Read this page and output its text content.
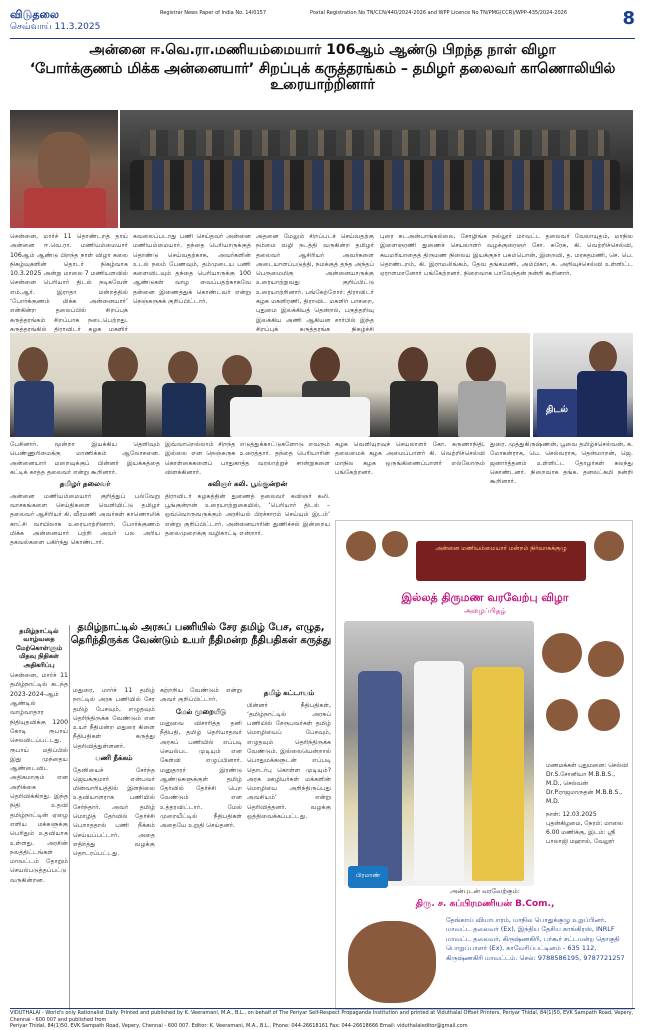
விடுதலை
செவ்வாய் 11.3.2025
Registrar News Paper of India No. 14/0157	Postal Registration No TN/CCN/440/2024-2026 and WPP Licence No TN/PMG(CCR)/WPP-435/2024-2026	8
அன்னை ஈ.வெ.ரா.மணியம்மையார் 106ஆம் ஆண்டு பிறந்த நாள் விழா
‘போர்க்குணம் மிக்க அன்னையார்’ சிறப்புக் கருத்தரங்கம் – தமிழர் தலைவர் காணொலியில் உரையாற்றினார்
சென்னை, மார்ச் 11 தொண்டறத் தாய் அன்னை ஈ.வெ.ரா. மணியம்மையார் 106ஆம் ஆண்டு பிறந்த நாள் விழா கலை நிகழ்வுகளின் தொடர் நிகழ்வாக 10.3.2025 அன்று மாலை 7 மணியளவில் சென்னை பெரியார் திடல் நடிகவேள் எம்.ஆர். இராதா மன்றத்தில் ‘போர்க்குணம் மிக்க அன்னையார்’ என்கின்ற தலைப்பில் சிறப்புக் கருத்தரங்கம் சிறப்பாக நடைபெற்றது. கருத்தரங்கில் திராவிடர் கழக மகளிர்
கவலைப்படாது பணி செய்தவர் அன்னை மணியம்மையார். தந்தை பெரியாருக்குத் தொண்டு செய்வதற்காக, அவர்களின் உடல் நலம் பேணவும், தம்முடைய பணி களைவிடவும் தந்தை பெரியாருக்கு 100 ஆண்டுகள் வாழ வைப்பதற்காகவே தன்னை இணைத்துக் கொண்டவர் என்று நெஞ்சுருகக் குறிப்பிட்டார்.
அதனை மேலும் சிறப்படச் செய்வதற்கு நம்மை வழி நடத்தி வருகின்ற தமிழர் தலைவர் ஆசிரியர் அவர்களை அடையாளப்படுத்தி, நமக்குத் தந்த அந்தப் பெருமைமிகு அன்னையாருக்கு உரையாற்றுவது குறிப்பிட்டு உரையாற்றினார். பங்கேற்றோர்: திராவிடர் கழக மகளிரணி, திராவிட மகளிர் பாசறை, புதுமை இலக்கியத் தென்றல், பகுத்தறிவு இலக்கிய அணி ஆகியன சார்பில் இந்த சிறப்புக் கருத்தரங்க நிகழ்ச்சி
புரை சுடஅன்பாங்கல்லை, சோழிங்க நல்லூர் மாவட்ட தலைவர் வேலாயுதம், மாநில இளைஞரணி துணைச் செயலாளர் வழக்குரைஞர் சோ. சுரேசு, கி. வெற்றிச்செல்வி, சுயமரியாதைத் திருமண நிலைய இயக்குநர் பசும்பொன், இறைவி, த. மரகதமணி, செ. பெ. தொண்டறம், கி. இராமலிங்கம், தேவ தங்கமணி, அம்பிகா, சு. அறிவுச்செல்வி உள்ளிட்ட ஏராளமானோர் பங்கேற்றனர். நிறைவாக பாவேந்தன் நன்றி கூறினார்.
திடல்

பேசினார். மூன்றா இயக்கிய தெளிவும் பெண்ணுரிமைக்கு மாணிக்கம் ஆலோசனை. அன்னையார் மறைவுக்குப் பின்னர் இயக்கத்தை கட்டிக் காத்த தலைவர் என்று கூறினார்.

தமிழர் தலைவர்

அன்னை மணியம்மையார் குறித்துப் பல்வேறு வாசகங்களை செய்திகளை வெளியிட்டு தமிழர் தலைவர் ஆசிரியர் கி. வீரமணி அவர்கள் காணொலிக் காட்சி வாயிலாக உரையாற்றினார். போர்க்குணம் மிக்க அன்னையார் பற்றி அவர் பல அரிய தகவல்களை பகிர்ந்து கொண்டார்.

இவ்வாறெல்லாம் சிறந்த எடுத்துக்காட்டுகளோடு எவரும் இல்லை என நெஞ்சுருக உரைத்தார். தந்தை பெரியாரின் கொள்கைகளைப் பாதுகாத்த வரலாற்றுச் சான்றுகளை விளக்கினார்.

கவிஞர் கலி. பூங்குன்றன்

திராவிடர் கழகத்தின் துணைத் தலைவர் கவிஞர் கலி. பூங்குன்றன் உரையாற்றுகையில், ‘பெரியார் திடல் – ஒவ்வொருவருக்கும் அரசியல் பிரச்சாரம் செய்யும் இடம்’ என்று குறிப்பிட்டார். அன்னையாரின் துணிச்சல் இன்றைய தலைமுறைக்கு வழிகாட்டி என்றார்.

கழக வெளியுறவுச் செயலாளர் கோ. கருணாநிதி, தலைமைக் கழக அமைப்பாளர் கி. வெற்றிச்செல்வி மாநில கழக ஒருங்கிணைப்பாளர் எல்லோரும் பங்கேற்றனர்.
துரை. முத்துகிருஷ்ணன், பூவை தமிழ்ச்செல்வன், க. மோகன்ராசு, பெ. செல்வராசு, தென்மாறன், ஜெ. ஜனார்த்தனம் உள்ளிட்ட தோழர்கள் கலந்து கொண்டனர். நிறைவாக தங்க. தனலட்சுமி நன்றி கூறினார்.
தமிழ்நாட்டில் வாழ்வதை மேற்கொள்ளும் மிதவு நிதிகள் அதிகரிப்பு
சென்னை, மார்ச் 11 தமிழ்நாட்டில் கடந்த 2023-2024-ஆம் ஆண்டில் வாழ்வாதார நிதியுதவிக்கு 1200 கோடி ரூபாய் செலவிடப்பட்டது. ரூபாய் மதிப்பில் இது முந்தைய ஆண்டைவிட அதிகமாகும் என அறிக்கை தெரிவிக்கிறது. இந்த நிதி உதவி தமிழ்நாட்டின் ஏழை எளிய மக்களுக்கு பெரிதும் உதவியாக உள்ளது. அரசின் நலத்திட்டங்கள் மாவட்டம் தோறும் செயல்படுத்தப்பட்டு வருகின்றன.
தமிழ்நாட்டில் அரசுப் பணியில் சேர தமிழ் பேச, எழுத, தெரிந்திருக்க வேண்டும் உயர் நீதிமன்ற நீதிபதிகள் கருத்து

மதுரை, மார்ச் 11 தமிழ் நாட்டில் அரசு பணியில் சேர தமிழ் பேசவும், எழுதவும் தெரிந்திருக்க வேண்டும் என உயர் நீதிமன்ற மதுரை கிளை நீதிபதிகள் கருத்து தெரிவித்துள்ளனர்.

பணி நீக்கம்

தேனியைச் சேர்ந்த ஜெயக்குமார் என்பவர் மின்வாரியத்தில் இளநிலை உதவியாளராக பணியில் சேர்ந்தார். அவர் தமிழ் மொழித் தேர்வில் தேர்ச்சி பெறாததால் பணி நீக்கம் செய்யப்பட்டார். அதை எதிர்த்து வழக்கு தொடரப்பட்டது.

கற்றறிய வேண்டும் என்று அவர் குறிப்பிட்டார்.

மேல் முறையீடு

மனுவை விசாரித்த தனி நீதிபதி, தமிழ் தெரியாதவர் அரசுப் பணியில் எப்படி செயல்பட முடியும் என கேள்வி எழுப்பினார். மனுதாரர் இரண்டு ஆண்டுகளுக்குள் தமிழ் தேர்வில் தேர்ச்சி பெற வேண்டும் என உத்தரவிட்டார். மேல் முறையீட்டில் நீதிபதிகள் அதையே உறுதி செய்தனர்.

தமிழ் கட்டாயம்

பின்னர் நீதிபதிகள், ‘தமிழ்நாட்டில் அரசுப் பணியில் சேருபவர்கள் தமிழ் மொழியைப் பேசவும், எழுதவும் தெரிந்திருக்க வேண்டும். இல்லையென்றால் பொதுமக்களுடன் எப்படி தொடர்பு கொள்ள முடியும்? அரசு ஊழியர்கள் மக்களின் மொழியை அறிந்திருப்பது அவசியம்’ என்று தெரிவித்தனர். வழக்கு ஒத்திவைக்கப்பட்டது.

அன்னை மணியம்மையார் மன்றம் நிர்வாகக்குழு
இல்லத் திருமண வரவேற்பு விழா
அழைப்பிதழ்
மணமக்கள் புதுமனை: செல்வி Dr.S.சோனியா M.B.B.S., M.D., செல்வன் Dr.P.ராஜமாருதன் M.B.B.S., M.D.
நாள்: 12.03.2025 புதன்கிழமை, நேரம்: மாலை 6.00 மணிக்கு, இடம்: ஸ்ரீ பாலாஜி மஹால், வேலூர்
பிரமாண்
அன்புடன் வரவேற்கும்:
திரு. ச. சுப்பிரமணியன் B.Com.,
தேங்காய் வியாபாரம், மாநில பொதுக்குழு உறுப்பினர், மாவட்ட தலைவர் (Ex), இந்திய தேசிய காங்கிரஸ், INRLF மாவட்ட தலைவர், கிருஷ்ணகிரி, பர்கூர் சட்டமன்ற தொகுதி பொறுப்பாளர் (Ex), காவேரிப்பட்டினம் - 635 112, கிருஷ்ணகிரி மாவட்டம். செல்: 9788586195, 9787721257
VIDUTHALAI - World's only Rationalist Daily. Printed and published by K. Veeramani, M.A., B.L., on behalf of The Periyar Self-Respect Propaganda Institution and printed at Viduthalai Offset Printers, Periyar Thidal, 84(1)50, EVK Sampath Road, Vepery, Chennai - 600 007 and published from
Periyar Thidal, 84(1)50, EVK Sampath Road, Vepery, Chennai - 600 007. Editor: K. Veeramani, M.A., B.L., Phone: 044-26618161 Fax: 044-26618666 Email: viduthalaieditor@gmail.com
